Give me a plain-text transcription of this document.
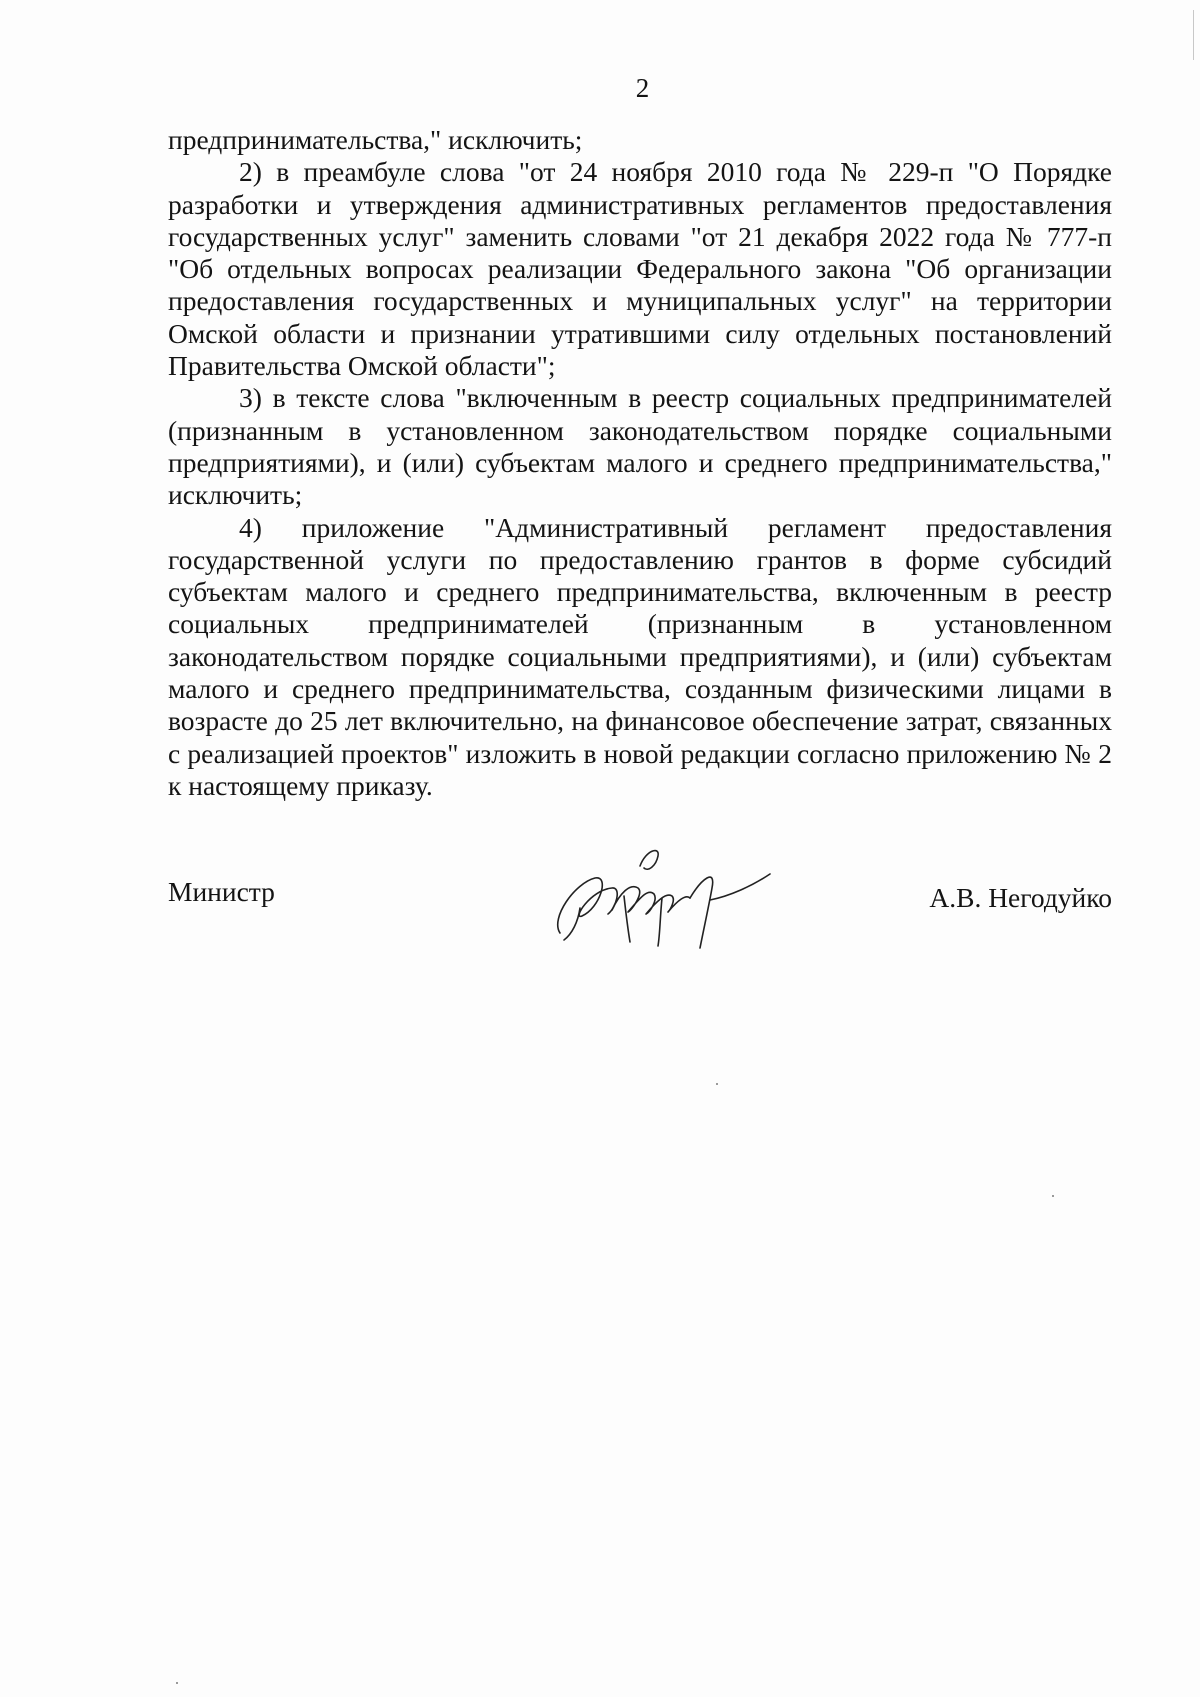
2

предпринимательства," исключить;

2) в преамбуле слова "от 24 ноября 2010 года № 229-п "О Порядке разработки и утверждения административных регламентов предоставления государственных услуг" заменить словами "от 21 декабря 2022 года № 777-п "Об отдельных вопросах реализации Федерального закона "Об организации предоставления государственных и муниципальных услуг" на территории Омской области и признании утратившими силу отдельных постановлений Правительства Омской области";

3) в тексте слова "включенным в реестр социальных предпринимателей (признанным в установленном законодательством порядке социальными предприятиями), и (или) субъектам малого и среднего предпринимательства," исключить;

4) приложение "Административный регламент предоставления государственной услуги по предоставлению грантов в форме субсидий субъектам малого и среднего предпринимательства, включенным в реестр социальных предпринимателей (признанным в установленном законодательством порядке социальными предприятиями), и (или) субъектам малого и среднего предпринимательства, созданным физическими лицами в возрасте до 25 лет включительно, на финансовое обеспечение затрат, связанных с реализацией проектов" изложить в новой редакции согласно приложению № 2 к настоящему приказу.

Министр	А.В. Негодуйко
